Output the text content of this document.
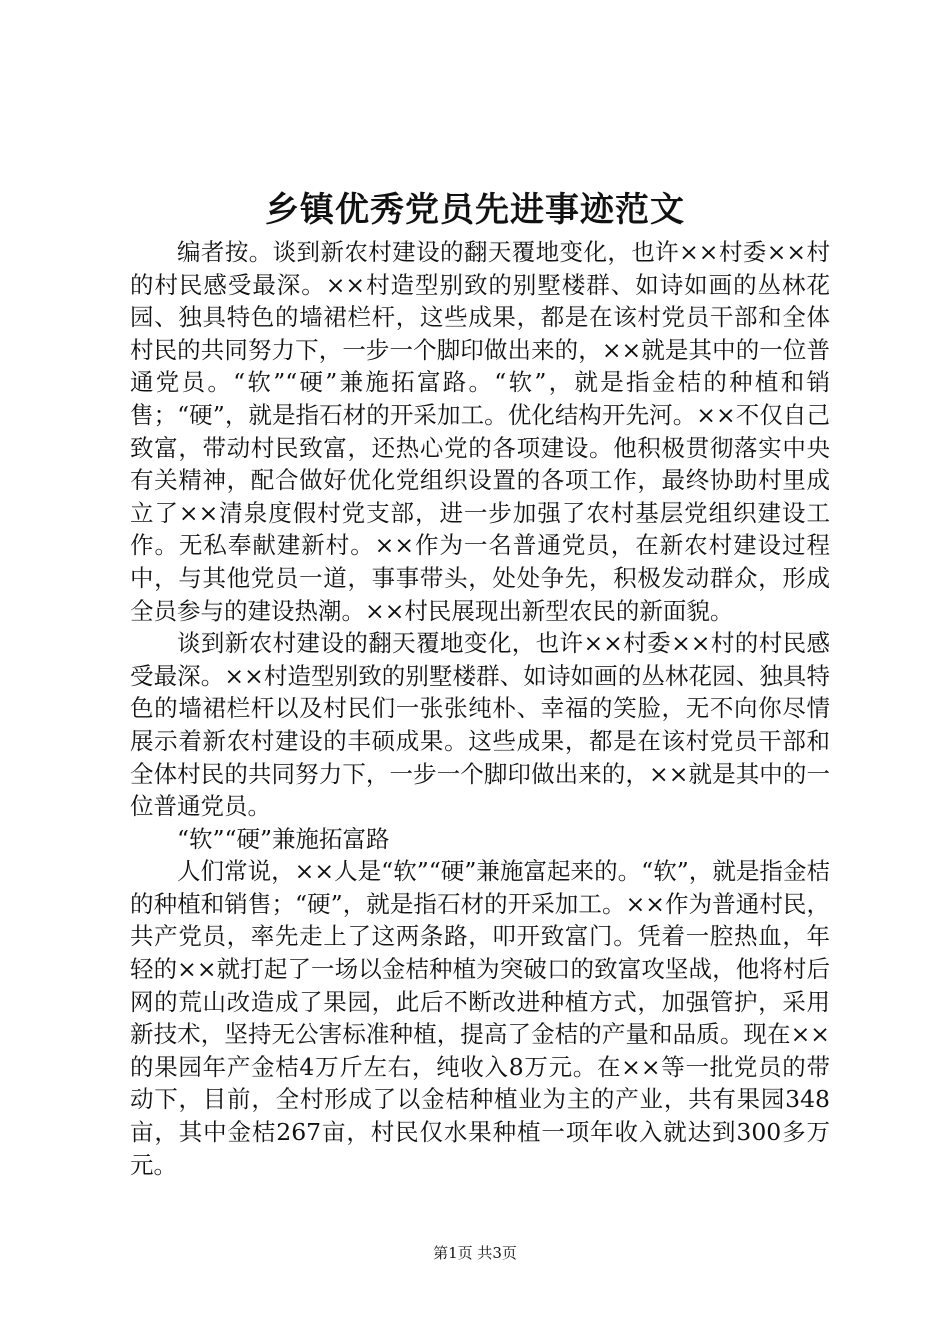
乡镇优秀党员先进事迹范文

编者按。谈到新农村建设的翻天覆地变化，也许××村委××村的村民感受最深。××村造型别致的别墅楼群、如诗如画的丛林花园、独具特色的墙裙栏杆，这些成果，都是在该村党员干部和全体村民的共同努力下，一步一个脚印做出来的，××就是其中的一位普通党员。“软”“硬”兼施拓富路。“软”，就是指金桔的种植和销售；“硬”，就是指石材的开采加工。优化结构开先河。××不仅自己致富，带动村民致富，还热心党的各项建设。他积极贯彻落实中央有关精神，配合做好优化党组织设置的各项工作，最终协助村里成立了××清泉度假村党支部，进一步加强了农村基层党组织建设工作。无私奉献建新村。××作为一名普通党员，在新农村建设过程中，与其他党员一道，事事带头，处处争先，积极发动群众，形成全员参与的建设热潮。××村民展现出新型农民的新面貌。

谈到新农村建设的翻天覆地变化，也许××村委××村的村民感受最深。××村造型别致的别墅楼群、如诗如画的丛林花园、独具特色的墙裙栏杆以及村民们一张张纯朴、幸福的笑脸，无不向你尽情展示着新农村建设的丰硕成果。这些成果，都是在该村党员干部和全体村民的共同努力下，一步一个脚印做出来的，××就是其中的一位普通党员。

“软”“硬”兼施拓富路

人们常说，××人是“软”“硬”兼施富起来的。“软”，就是指金桔的种植和销售；“硬”，就是指石材的开采加工。××作为普通村民，共产党员，率先走上了这两条路，叩开致富门。凭着一腔热血，年轻的××就打起了一场以金桔种植为突破口的致富攻坚战，他将村后网的荒山改造成了果园，此后不断改进种植方式，加强管护，采用新技术，坚持无公害标准种植，提高了金桔的产量和品质。现在××的果园年产金桔4万斤左右，纯收入8万元。在××等一批党员的带动下，目前，全村形成了以金桔种植业为主的产业，共有果园348亩，其中金桔267亩，村民仅水果种植一项年收入就达到300多万元。

第1页 共3页
